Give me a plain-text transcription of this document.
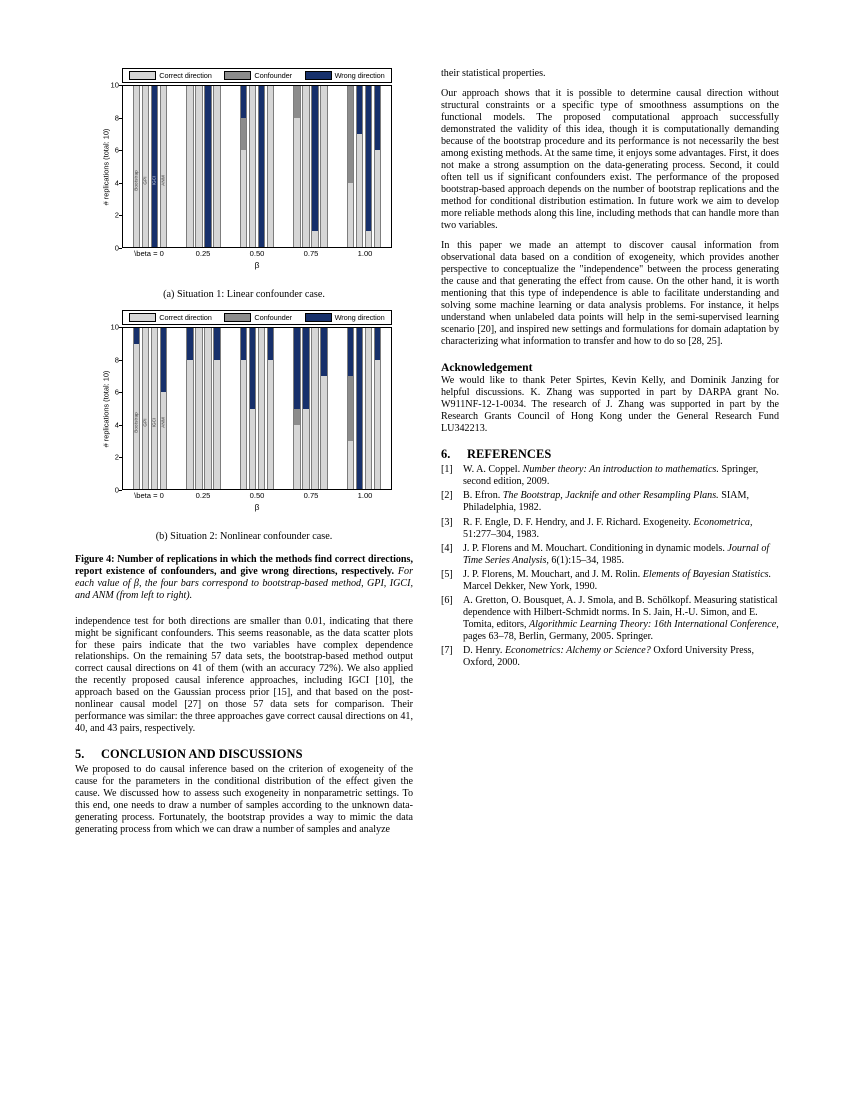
Correct direction	Confounder	Wrong direction
# replications (total: 10)
0
2
4
6
8
10
Bootstrap GPI IGCI ANM
\beta = 0	0.25	0.50	0.75	1.00
β
(a) Situation 1: Linear confounder case.
Correct direction	Confounder	Wrong direction
# replications (total: 10)
0
2
4
6
8
10
Bootstrap GPI IGCI ANM
\beta = 0	0.25	0.50	0.75	1.00
β
(b) Situation 2: Nonlinear confounder case.

Figure 4: Number of replications in which the methods find correct directions, report existence of confounders, and give wrong directions, respectively. For each value of β, the four bars correspond to bootstrap-based method, GPI, IGCI, and ANM (from left to right).

independence test for both directions are smaller than 0.01, indicating that there might be significant confounders. This seems reasonable, as the data scatter plots for these pairs indicate that the two variables have complex dependence relationships. On the remaining 57 data sets, the bootstrap-based method output correct causal directions on 41 of them (with an accuracy 72%). We also applied the recently proposed causal inference approaches, including IGCI [10], the approach based on the Gaussian process prior [15], and that based on the post-nonlinear causal model [27] on those 57 data sets for comparison. Their performance was similar: the three approaches gave correct causal directions on 41, 40, and 43 pairs, respectively.

5. CONCLUSION AND DISCUSSIONS

We proposed to do causal inference based on the criterion of exogeneity of the cause for the parameters in the conditional distribution of the effect given the cause. We discussed how to assess such exogeneity in nonparametric settings. To this end, one needs to draw a number of samples according to the unknown data-generating process. Fortunately, the bootstrap provides a way to mimic the data generating process from which we can draw a number of samples and analyze

their statistical properties.

Our approach shows that it is possible to determine causal direction without structural constraints or a specific type of smoothness assumptions on the functional models. The proposed computational approach successfully demonstrated the validity of this idea, though it is computationally demanding because of the bootstrap procedure and its performance is not necessarily the best among existing methods. At the same time, it enjoys some advantages. First, it does not make a strong assumption on the data-generating process. Second, it could often tell us if significant confounders exist. The performance of the proposed bootstrap-based approach depends on the number of bootstrap replications and the method for conditional distribution estimation. In future work we aim to develop more reliable methods along this line, including methods that can handle more than two variables.

In this paper we made an attempt to discover causal information from observational data based on a condition of exogeneity, which provides another perspective to conceptualize the "independence" between the process generating the cause and that generating the effect from cause. On the other hand, it is worth mentioning that this type of independence is able to facilitate understanding and solving some machine learning or data analysis problems. For instance, it helps understand when unlabeled data points will help in the semi-supervised learning scenario [20], and inspired new settings and formulations for domain adaptation by characterizing what information to transfer and how to do so [28, 25].

Acknowledgement

We would like to thank Peter Spirtes, Kevin Kelly, and Dominik Janzing for helpful discussions. K. Zhang was supported in part by DARPA grant No. W911NF-12-1-0034. The research of J. Zhang was supported in part by the Research Grants Council of Hong Kong under the General Research Fund LU342213.

6. REFERENCES
[1] W. A. Coppel. Number theory: An introduction to mathematics. Springer, second edition, 2009.
[2] B. Efron. The Bootstrap, Jacknife and other Resampling Plans. SIAM, Philadelphia, 1982.
[3] R. F. Engle, D. F. Hendry, and J. F. Richard. Exogeneity. Econometrica, 51:277–304, 1983.
[4] J. P. Florens and M. Mouchart. Conditioning in dynamic models. Journal of Time Series Analysis, 6(1):15–34, 1985.
[5] J. P. Florens, M. Mouchart, and J. M. Rolin. Elements of Bayesian Statistics. Marcel Dekker, New York, 1990.
[6] A. Gretton, O. Bousquet, A. J. Smola, and B. Schölkopf. Measuring statistical dependence with Hilbert-Schmidt norms. In S. Jain, H.-U. Simon, and E. Tomita, editors, Algorithmic Learning Theory: 16th International Conference, pages 63–78, Berlin, Germany, 2005. Springer.
[7] D. Henry. Econometrics: Alchemy or Science? Oxford University Press, Oxford, 2000.
